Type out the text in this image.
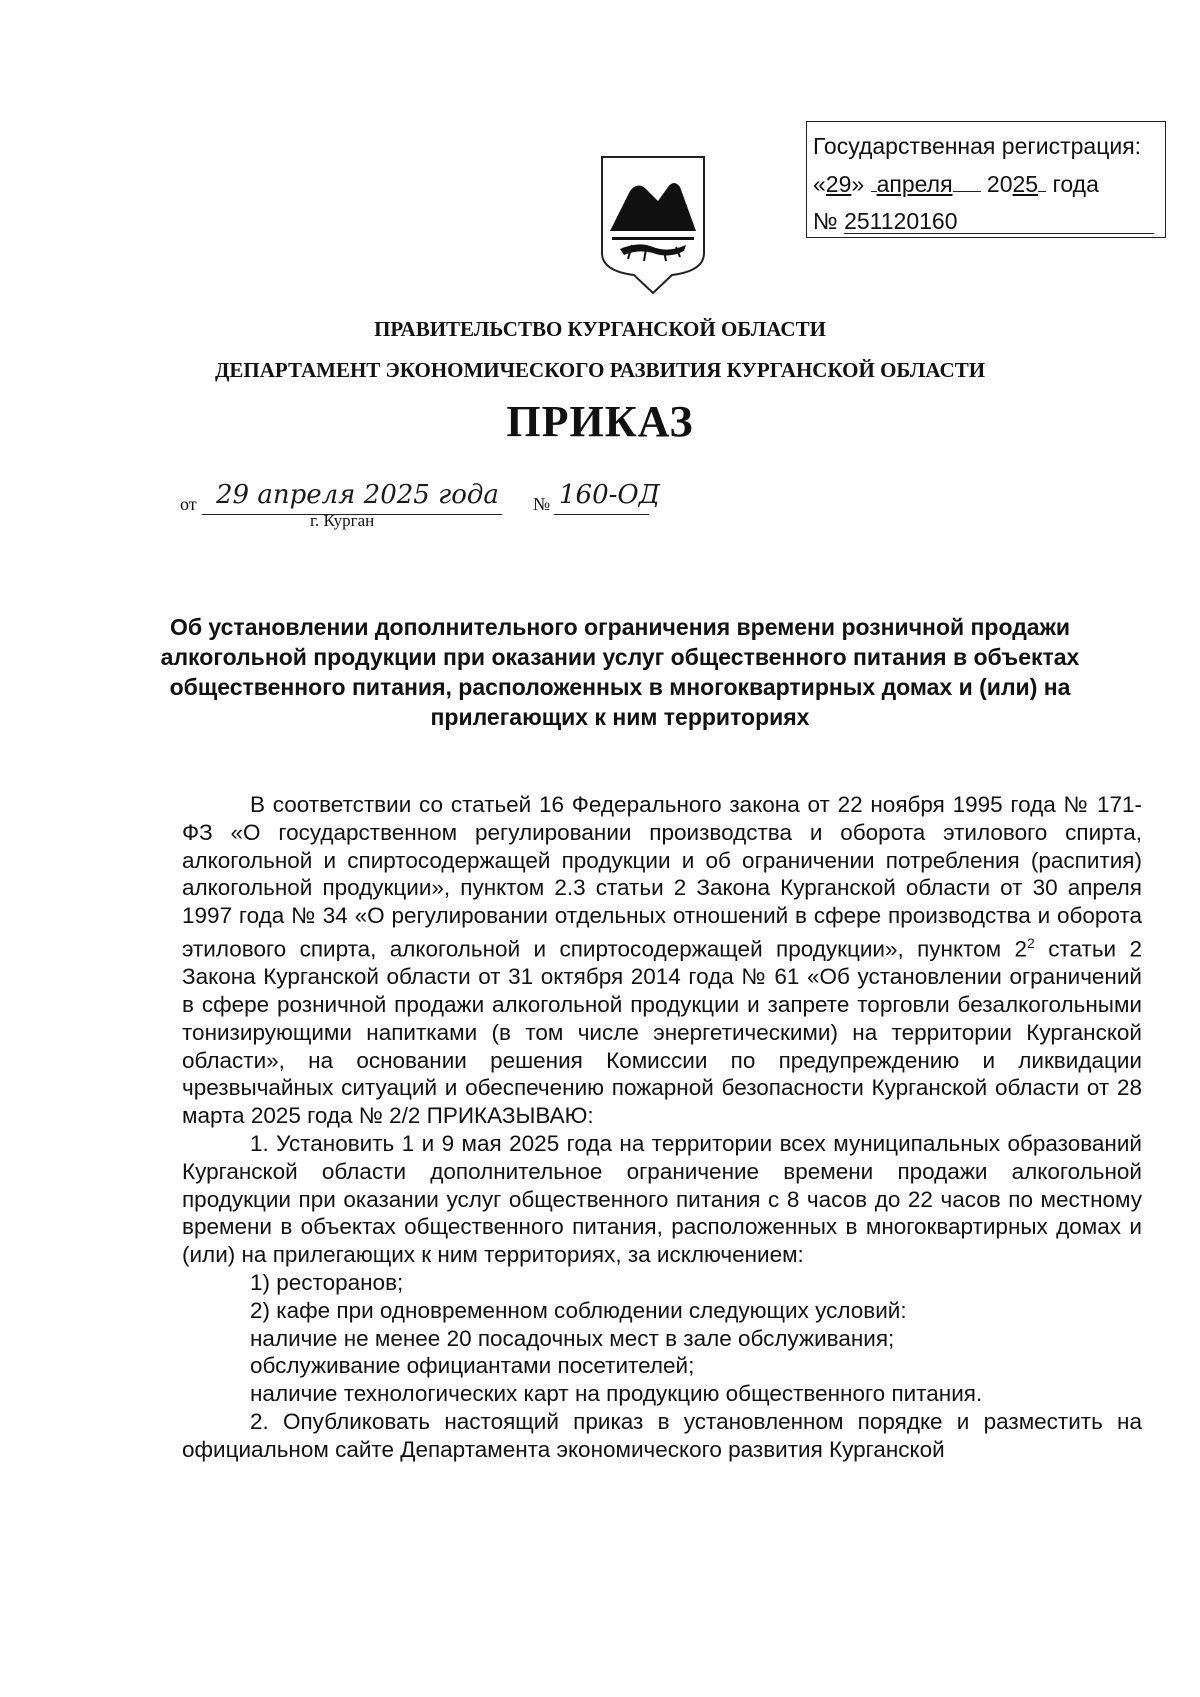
Государственная регистрация:
«29» апреля 2025 года
№ 251120160
ПРАВИТЕЛЬСТВО КУРГАНСКОЙ ОБЛАСТИ
ДЕПАРТАМЕНТ ЭКОНОМИЧЕСКОГО РАЗВИТИЯ КУРГАНСКОЙ ОБЛАСТИ
ПРИКАЗ
от 29 апреля 2025 года № 160-ОД
г. Курган
Об установлении дополнительного ограничения времени розничной продажи алкогольной продукции при оказании услуг общественного питания в объектах общественного питания, расположенных в многоквартирных домах и (или) на прилегающих к ним территориях

В соответствии со статьей 16 Федерального закона от 22 ноября 1995 года № 171-ФЗ «О государственном регулировании производства и оборота этилового спирта, алкогольной и спиртосодержащей продукции и об ограничении потребления (распития) алкогольной продукции», пунктом 2.3 статьи 2 Закона Курганской области от 30 апреля 1997 года № 34 «О регулировании отдельных отношений в сфере производства и оборота этилового спирта, алкогольной и спиртосодержащей продукции», пунктом $2^2$ статьи 2 Закона Курганской области от 31 октября 2014 года № 61 «Об установлении ограничений в сфере розничной продажи алкогольной продукции и запрете торговли безалкогольными тонизирующими напитками (в том числе энергетическими) на территории Курганской области», на основании решения Комиссии по предупреждению и ликвидации чрезвычайных ситуаций и обеспечению пожарной безопасности Курганской области от 28 марта 2025 года № 2/2 ПРИКАЗЫВАЮ:

1. Установить 1 и 9 мая 2025 года на территории всех муниципальных образований Курганской области дополнительное ограничение времени продажи алкогольной продукции при оказании услуг общественного питания с 8 часов до 22 часов по местному времени в объектах общественного питания, расположенных в многоквартирных домах и (или) на прилегающих к ним территориях, за исключением:

1) ресторанов;

2) кафе при одновременном соблюдении следующих условий:

наличие не менее 20 посадочных мест в зале обслуживания;

обслуживание официантами посетителей;

наличие технологических карт на продукцию общественного питания.

2. Опубликовать настоящий приказ в установленном порядке и разместить на официальном сайте Департамента экономического развития Курганской
